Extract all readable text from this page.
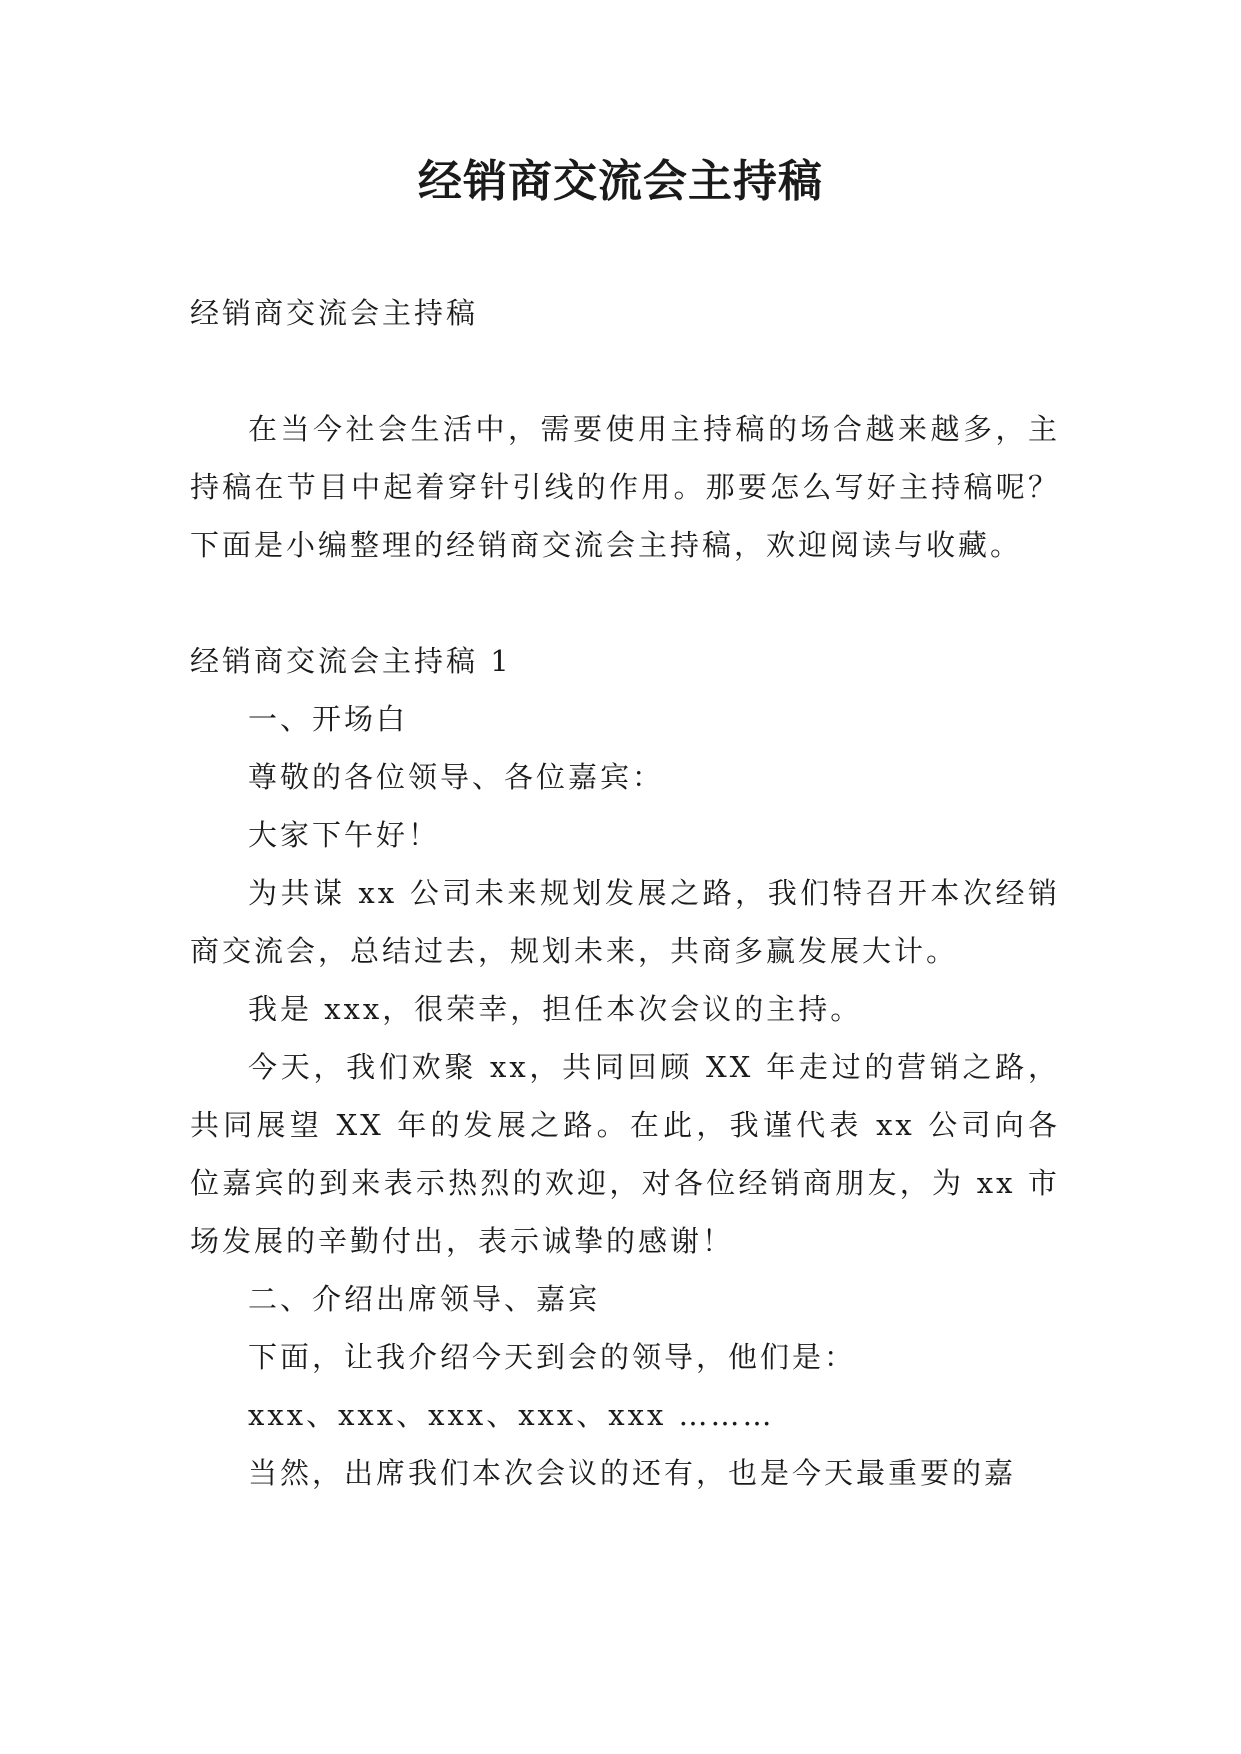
经销商交流会主持稿

经销商交流会主持稿

在当今社会生活中，需要使用主持稿的场合越来越多，主持稿在节目中起着穿针引线的作用。那要怎么写好主持稿呢？下面是小编整理的经销商交流会主持稿，欢迎阅读与收藏。

经销商交流会主持稿 1

一、开场白

尊敬的各位领导、各位嘉宾：

大家下午好！

为共谋 xx 公司未来规划发展之路，我们特召开本次经销商交流会，总结过去，规划未来，共商多赢发展大计。

我是 xxx，很荣幸，担任本次会议的主持。

今天，我们欢聚 xx，共同回顾 XX 年走过的营销之路，共同展望 XX 年的发展之路。在此，我谨代表 xx 公司向各位嘉宾的到来表示热烈的欢迎，对各位经销商朋友，为 xx 市场发展的辛勤付出，表示诚挚的感谢！

二、介绍出席领导、嘉宾

下面，让我介绍今天到会的领导，他们是：

xxx、xxx、xxx、xxx、xxx ………

当然，出席我们本次会议的还有，也是今天最重要的嘉
